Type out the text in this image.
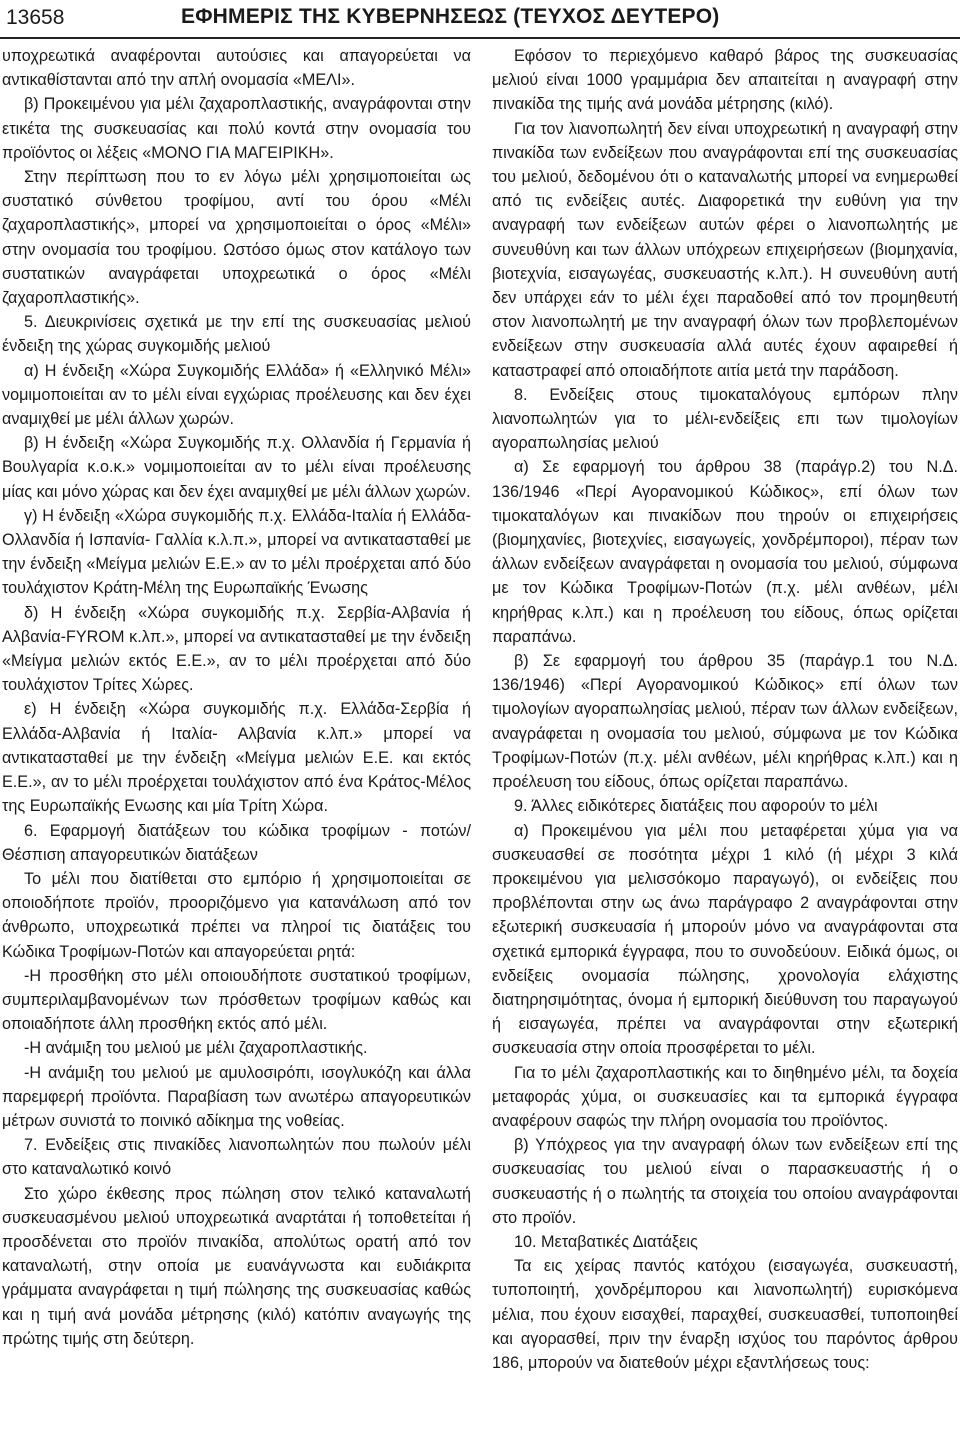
13658	ΕΦΗΜΕΡΙΣ ΤΗΣ ΚΥΒΕΡΝΗΣΕΩΣ (ΤΕΥΧΟΣ ΔΕΥΤΕΡΟ)

υποχρεωτικά αναφέρονται αυτούσιες και απαγορεύεται να αντικαθίστανται από την απλή ονομασία «ΜΕΛΙ».

β) Προκειμένου για μέλι ζαχαροπλαστικής, αναγράφονται στην ετικέτα της συσκευασίας και πολύ κοντά στην ονομασία του προϊόντος οι λέξεις «ΜΟΝΟ ΓΙΑ ΜΑΓΕΙΡΙΚΗ».

Στην περίπτωση που το εν λόγω μέλι χρησιμοποιείται ως συστατικό σύνθετου τροφίμου, αντί του όρου «Μέλι ζαχαροπλαστικής», μπορεί να χρησιμοποιείται ο όρος «Μέλι» στην ονομασία του τροφίμου. Ωστόσο όμως στον κατάλογο των συστατικών αναγράφεται υποχρεωτικά ο όρος «Μέλι ζαχαροπλαστικής».

5. Διευκρινίσεις σχετικά με την επί της συσκευασίας μελιού ένδειξη της χώρας συγκομιδής μελιού

α) Η ένδειξη «Χώρα Συγκομιδής Ελλάδα» ή «Ελληνικό Μέλι» νομιμοποιείται αν το μέλι είναι εγχώριας προέλευσης και δεν έχει αναμιχθεί με μέλι άλλων χωρών.

β) Η ένδειξη «Χώρα Συγκομιδής π.χ. Ολλανδία ή Γερμανία ή Βουλγαρία κ.ο.κ.» νομιμοποιείται αν το μέλι είναι προέλευσης μίας και μόνο χώρας και δεν έχει αναμιχθεί με μέλι άλλων χωρών.

γ) Η ένδειξη «Χώρα συγκομιδής π.χ. Ελλάδα-Ιταλία ή Ελλάδα-Ολλανδία ή Ισπανία- Γαλλία κ.λ.π.», μπορεί να αντικατασταθεί με την ένδειξη «Μείγμα μελιών Ε.Ε.» αν το μέλι προέρχεται από δύο τουλάχιστον Κράτη-Μέλη της Ευρωπαϊκής Ένωσης

δ) Η ένδειξη «Χώρα συγκομιδής π.χ. Σερβία-Αλβανία ή Αλβανία-FYROM κ.λπ.», μπορεί να αντικατασταθεί με την ένδειξη «Μείγμα μελιών εκτός Ε.Ε.», αν το μέλι προέρχεται από δύο τουλάχιστον Τρίτες Χώρες.

ε) Η ένδειξη «Χώρα συγκομιδής π.χ. Ελλάδα-Σερβία ή Ελλάδα-Αλβανία ή Ιταλία- Αλβανία κ.λπ.» μπορεί να αντικατασταθεί με την ένδειξη «Μείγμα μελιών Ε.Ε. και εκτός Ε.Ε.», αν το μέλι προέρχεται τουλάχιστον από ένα Κράτος-Μέλος της Ευρωπαϊκής Ενωσης και μία Τρίτη Χώρα.

6. Εφαρμογή διατάξεων του κώδικα τροφίμων - ποτών/Θέσπιση απαγορευτικών διατάξεων

Το μέλι που διατίθεται στο εμπόριο ή χρησιμοποιείται σε οποιοδήποτε προϊόν, προοριζόμενο για κατανάλωση από τον άνθρωπο, υποχρεωτικά πρέπει να πληροί τις διατάξεις του Κώδικα Τροφίμων-Ποτών και απαγορεύεται ρητά:

-Η προσθήκη στο μέλι οποιουδήποτε συστατικού τροφίμων, συμπεριλαμβανομένων των πρόσθετων τροφίμων καθώς και οποιαδήποτε άλλη προσθήκη εκτός από μέλι.

-Η ανάμιξη του μελιού με μέλι ζαχαροπλαστικής.

-Η ανάμιξη του μελιού με αμυλοσιρόπι, ισογλυκόζη και άλλα παρεμφερή προϊόντα. Παραβίαση των ανωτέρω απαγορευτικών μέτρων συνιστά το ποινικό αδίκημα της νοθείας.

7. Ενδείξεις στις πινακίδες λιανοπωλητών που πωλούν μέλι στο καταναλωτικό κοινό

Στο χώρο έκθεσης προς πώληση στον τελικό καταναλωτή συσκευασμένου μελιού υποχρεωτικά αναρτάται ή τοποθετείται ή προσδένεται στο προϊόν πινακίδα, απολύτως ορατή από τον καταναλωτή, στην οποία με ευανάγνωστα και ευδιάκριτα γράμματα αναγράφεται η τιμή πώλησης της συσκευασίας καθώς και η τιμή ανά μονάδα μέτρησης (κιλό) κατόπιν αναγωγής της πρώτης τιμής στη δεύτερη.

Εφόσον το περιεχόμενο καθαρό βάρος της συσκευασίας μελιού είναι 1000 γραμμάρια δεν απαιτείται η αναγραφή στην πινακίδα της τιμής ανά μονάδα μέτρησης (κιλό).

Για τον λιανοπωλητή δεν είναι υποχρεωτική η αναγραφή στην πινακίδα των ενδείξεων που αναγράφονται επί της συσκευασίας του μελιού, δεδομένου ότι ο καταναλωτής μπορεί να ενημερωθεί από τις ενδείξεις αυτές. Διαφορετικά την ευθύνη για την αναγραφή των ενδείξεων αυτών φέρει ο λιανοπωλητής με συνευθύνη και των άλλων υπόχρεων επιχειρήσεων (βιομηχανία, βιοτεχνία, εισαγωγέας, συσκευαστής κ.λπ.). Η συνευθύνη αυτή δεν υπάρχει εάν το μέλι έχει παραδοθεί από τον προμηθευτή στον λιανοπωλητή με την αναγραφή όλων των προβλεπομένων ενδείξεων στην συσκευασία αλλά αυτές έχουν αφαιρεθεί ή καταστραφεί από οποιαδήποτε αιτία μετά την παράδοση.

8. Ενδείξεις στους τιμοκαταλόγους εμπόρων πλην λιανοπωλητών για το μέλι-ενδείξεις επι των τιμολογίων αγοραπωλησίας μελιού

α) Σε εφαρμογή του άρθρου 38 (παράγρ.2) του Ν.Δ. 136/1946 «Περί Αγορανομικού Κώδικος», επί όλων των τιμοκαταλόγων και πινακίδων που τηρούν οι επιχειρήσεις (βιομηχανίες, βιοτεχνίες, εισαγωγείς, χονδρέμποροι), πέραν των άλλων ενδείξεων αναγράφεται η ονομασία του μελιού, σύμφωνα με τον Κώδικα Τροφίμων-Ποτών (π.χ. μέλι ανθέων, μέλι κηρήθρας κ.λπ.) και η προέλευση του είδους, όπως ορίζεται παραπάνω.

β) Σε εφαρμογή του άρθρου 35 (παράγρ.1 του Ν.Δ. 136/1946) «Περί Αγορανομικού Κώδικος» επί όλων των τιμολογίων αγοραπωλησίας μελιού, πέραν των άλλων ενδείξεων, αναγράφεται η ονομασία του μελιού, σύμφωνα με τον Κώδικα Τροφίμων-Ποτών (π.χ. μέλι ανθέων, μέλι κηρήθρας κ.λπ.) και η προέλευση του είδους, όπως ορίζεται παραπάνω.

9. Άλλες ειδικότερες διατάξεις που αφορούν το μέλι

α) Προκειμένου για μέλι που μεταφέρεται χύμα για να συσκευασθεί σε ποσότητα μέχρι 1 κιλό (ή μέχρι 3 κιλά προκειμένου για μελισσόκομο παραγωγό), οι ενδείξεις που προβλέπονται στην ως άνω παράγραφο 2 αναγράφονται στην εξωτερική συσκευασία ή μπορούν μόνο να αναγράφονται στα σχετικά εμπορικά έγγραφα, που το συνοδεύουν. Ειδικά όμως, οι ενδείξεις ονομασία πώλησης, χρονολογία ελάχιστης διατηρησιμότητας, όνομα ή εμπορική διεύθυνση του παραγωγού ή εισαγωγέα, πρέπει να αναγράφονται στην εξωτερική συσκευασία στην οποία προσφέρεται το μέλι.

Για το μέλι ζαχαροπλαστικής και το διηθημένο μέλι, τα δοχεία μεταφοράς χύμα, οι συσκευασίες και τα εμπορικά έγγραφα αναφέρουν σαφώς την πλήρη ονομασία του προϊόντος.

β) Υπόχρεος για την αναγραφή όλων των ενδείξεων επί της συσκευασίας του μελιού είναι ο παρασκευαστής ή ο συσκευαστής ή ο πωλητής τα στοιχεία του οποίου αναγράφονται στο προϊόν.

10. Μεταβατικές Διατάξεις

Τα εις χείρας παντός κατόχου (εισαγωγέα, συσκευαστή, τυποποιητή, χονδρέμπορου και λιανοπωλητή) ευρισκόμενα μέλια, που έχουν εισαχθεί, παραχθεί, συσκευασθεί, τυποποιηθεί και αγορασθεί, πριν την έναρξη ισχύος του παρόντος άρθρου 186, μπορούν να διατεθούν μέχρι εξαντλήσεως τους:
